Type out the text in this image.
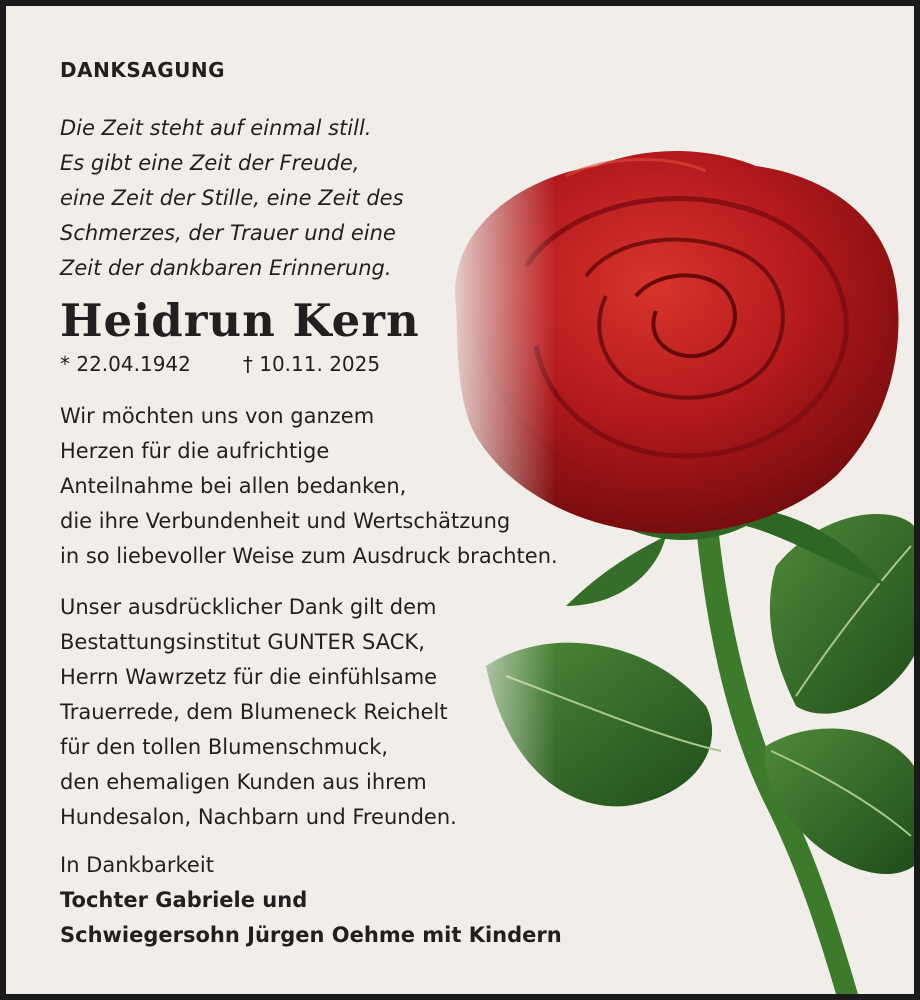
DANKSAGUNG
Die Zeit steht auf einmal still.
Es gibt eine Zeit der Freude,
eine Zeit der Stille, eine Zeit des
Schmerzes, der Trauer und eine
Zeit der dankbaren Erinnerung.
Heidrun Kern
* 22.04.1942	† 10.11. 2025
Wir möchten uns von ganzem
Herzen für die aufrichtige
Anteilnahme bei allen bedanken,
die ihre Verbundenheit und Wertschätzung
in so liebevoller Weise zum Ausdruck brachten.
Unser ausdrücklicher Dank gilt dem
Bestattungsinstitut GUNTER SACK,
Herrn Wawrzetz für die einfühlsame
Trauerrede, dem Blumeneck Reichelt
für den tollen Blumenschmuck,
den ehemaligen Kunden aus ihrem
Hundesalon, Nachbarn und Freunden.
In Dankbarkeit
Tochter Gabriele und
Schwiegersohn Jürgen Oehme mit Kindern
